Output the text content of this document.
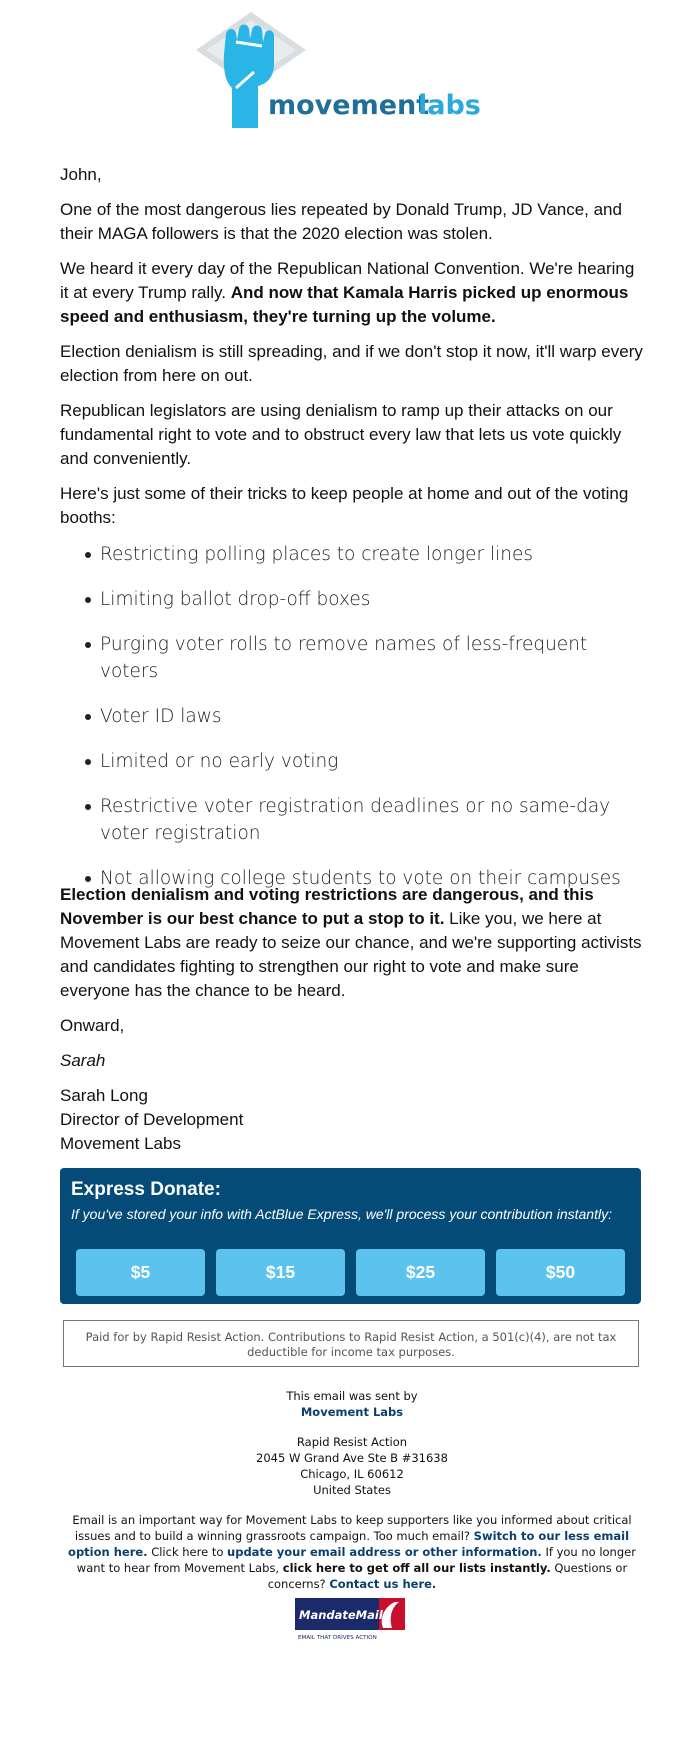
movement
labs

John,

One of the most dangerous lies repeated by Donald Trump, JD Vance, and their MAGA followers is that the 2020 election was stolen.

We heard it every day of the Republican National Convention. We're hearing it at every Trump rally. And now that Kamala Harris picked up enormous speed and enthusiasm, they're turning up the volume.

Election denialism is still spreading, and if we don't stop it now, it'll warp every election from here on out.

Republican legislators are using denialism to ramp up their attacks on our fundamental right to vote and to obstruct every law that lets us vote quickly and conveniently.

Here's just some of their tricks to keep people at home and out of the voting booths:

Restricting polling places to create longer lines
Limiting ballot drop-off boxes
Purging voter rolls to remove names of less-frequent voters
Voter ID laws
Limited or no early voting
Restrictive voter registration deadlines or no same-day voter registration
Not allowing college students to vote on their campuses

Election denialism and voting restrictions are dangerous, and this November is our best chance to put a stop to it. Like you, we here at Movement Labs are ready to seize our chance, and we're supporting activists and candidates fighting to strengthen our right to vote and make sure everyone has the chance to be heard.

Onward,

Sarah

Sarah Long
Director of Development
Movement Labs

Express Donate:
If you've stored your info with ActBlue Express, we'll process your contribution instantly:
$5	$15	$25	$50
Paid for by Rapid Resist Action. Contributions to Rapid Resist Action, a 501(c)(4), are not tax deductible for income tax purposes.
This email was sent by
Movement Labs
Rapid Resist Action
2045 W Grand Ave Ste B #31638
Chicago, IL 60612
United States
Email is an important way for Movement Labs to keep supporters like you informed about critical issues and to build a winning grassroots campaign. Too much email? Switch to our less email option here. Click here to update your email address or other information. If you no longer want to hear from Movement Labs, click here to get off all our lists instantly. Questions or concerns? Contact us here.
MandateMail
EMAIL THAT DRIVES ACTION
